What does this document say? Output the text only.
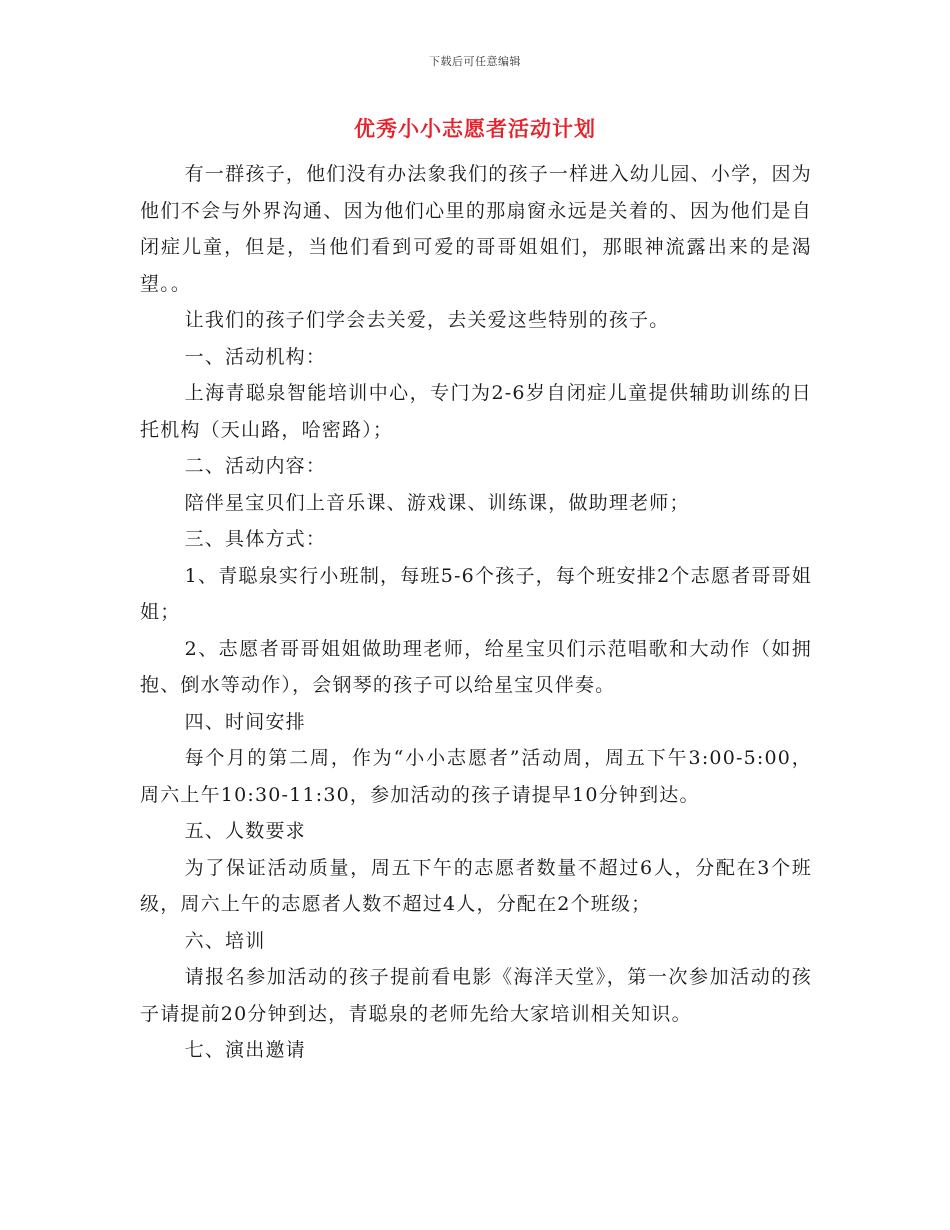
下载后可任意编辑
优秀小小志愿者活动计划

有一群孩子，他们没有办法象我们的孩子一样进入幼儿园、小学，因为他们不会与外界沟通、因为他们心里的那扇窗永远是关着的、因为他们是自闭症儿童，但是，当他们看到可爱的哥哥姐姐们，那眼神流露出来的是渴望。。

让我们的孩子们学会去关爱，去关爱这些特别的孩子。

一、活动机构：

上海青聪泉智能培训中心，专门为2-6岁自闭症儿童提供辅助训练的日托机构（天山路，哈密路）；

二、活动内容：

陪伴星宝贝们上音乐课、游戏课、训练课，做助理老师；

三、具体方式：

1、青聪泉实行小班制，每班5-6个孩子，每个班安排2个志愿者哥哥姐姐；

2、志愿者哥哥姐姐做助理老师，给星宝贝们示范唱歌和大动作（如拥抱、倒水等动作），会钢琴的孩子可以给星宝贝伴奏。

四、时间安排

每个月的第二周，作为“小小志愿者”活动周，周五下午3:00-5:00，周六上午10:30-11:30，参加活动的孩子请提早10分钟到达。

五、人数要求

为了保证活动质量，周五下午的志愿者数量不超过6人，分配在3个班级，周六上午的志愿者人数不超过4人，分配在2个班级；

六、培训

请报名参加活动的孩子提前看电影《海洋天堂》，第一次参加活动的孩子请提前20分钟到达，青聪泉的老师先给大家培训相关知识。

七、演出邀请
